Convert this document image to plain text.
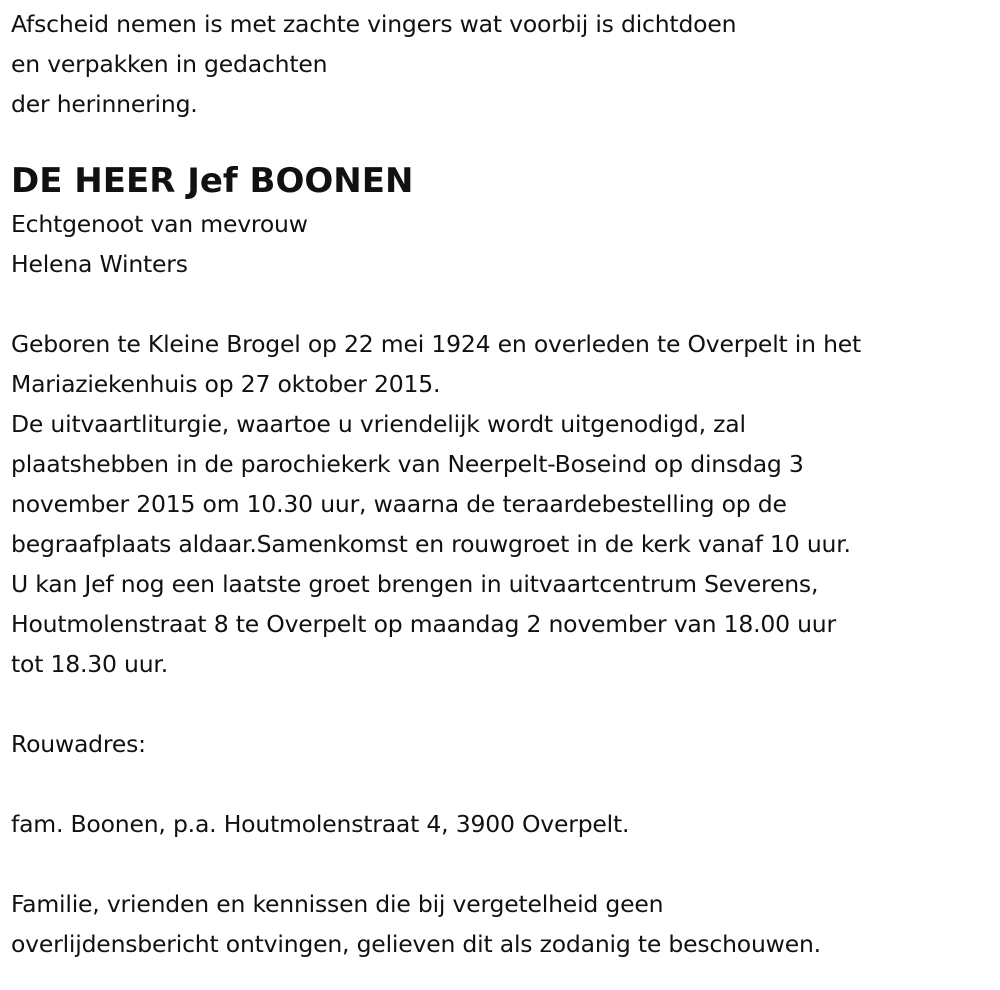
Afscheid nemen is met zachte vingers wat voorbij is dichtdoen
en verpakken in gedachten
der herinnering.
DE HEER Jef BOONEN
Echtgenoot van mevrouw
Helena Winters
Geboren te Kleine Brogel op 22 mei 1924 en overleden te Overpelt in het
Mariaziekenhuis op 27 oktober 2015.
De uitvaartliturgie, waartoe u vriendelijk wordt uitgenodigd, zal
plaatshebben in de parochiekerk van Neerpelt-Boseind op dinsdag 3
november 2015 om 10.30 uur, waarna de teraardebestelling op de
begraafplaats aldaar.Samenkomst en rouwgroet in de kerk vanaf 10 uur.
U kan Jef nog een laatste groet brengen in uitvaartcentrum Severens,
Houtmolenstraat 8 te Overpelt op maandag 2 november van 18.00 uur
tot 18.30 uur.
Rouwadres:
fam. Boonen, p.a. Houtmolenstraat 4, 3900 Overpelt.
Familie, vrienden en kennissen die bij vergetelheid geen
overlijdensbericht ontvingen, gelieven dit als zodanig te beschouwen.
